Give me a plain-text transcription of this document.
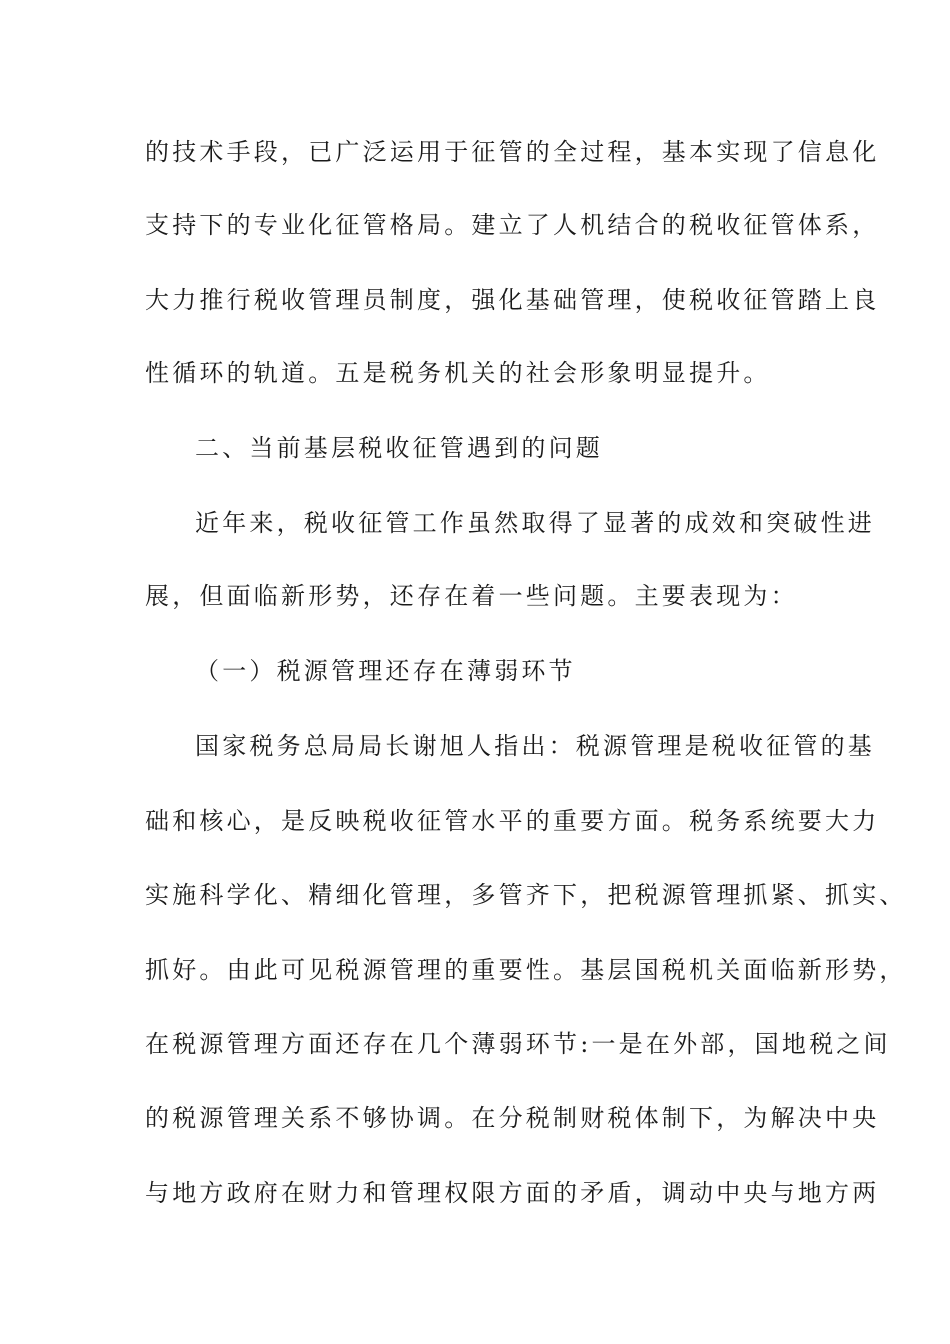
的技术手段，已广泛运用于征管的全过程，基本实现了信息化
支持下的专业化征管格局。建立了人机结合的税收征管体系，
大力推行税收管理员制度，强化基础管理，使税收征管踏上良
性循环的轨道。五是税务机关的社会形象明显提升。
二、当前基层税收征管遇到的问题
近年来，税收征管工作虽然取得了显著的成效和突破性进
展，但面临新形势，还存在着一些问题。主要表现为：
（一）税源管理还存在薄弱环节
国家税务总局局长谢旭人指出：税源管理是税收征管的基
础和核心，是反映税收征管水平的重要方面。税务系统要大力
实施科学化、精细化管理，多管齐下，把税源管理抓紧、抓实、
抓好。由此可见税源管理的重要性。基层国税机关面临新形势，
在税源管理方面还存在几个薄弱环节:一是在外部，国地税之间
的税源管理关系不够协调。在分税制财税体制下，为解决中央
与地方政府在财力和管理权限方面的矛盾，调动中央与地方两
